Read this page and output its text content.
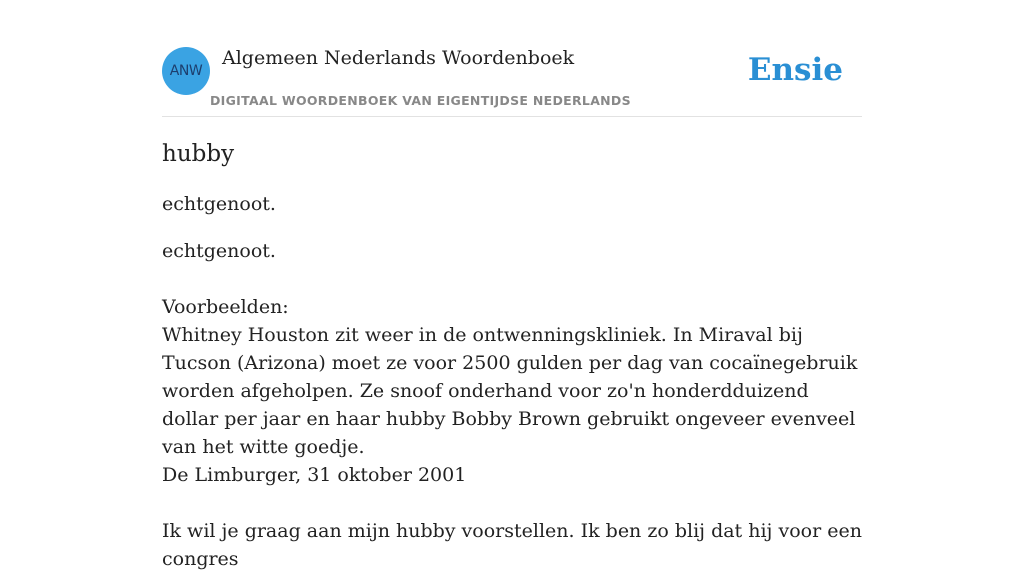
ANW
Algemeen Nederlands Woordenboek
DIGITAAL WOORDENBOEK VAN EIGENTIJDSE NEDERLANDS
Ensie
hubby
echtgenoot.

echtgenoot.

Voorbeelden:

Whitney Houston zit weer in de ontwenningskliniek. In Miraval bij Tucson (Arizona) moet ze voor 2500 gulden per dag van cocaïnegebruik worden afgeholpen. Ze snoof onderhand voor zo'n honderdduizend dollar per jaar en haar hubby Bobby Brown gebruikt ongeveer evenveel van het witte goedje.

De Limburger, 31 oktober 2001

Ik wil je graag aan mijn hubby voorstellen. Ik ben zo blij dat hij voor een congres
